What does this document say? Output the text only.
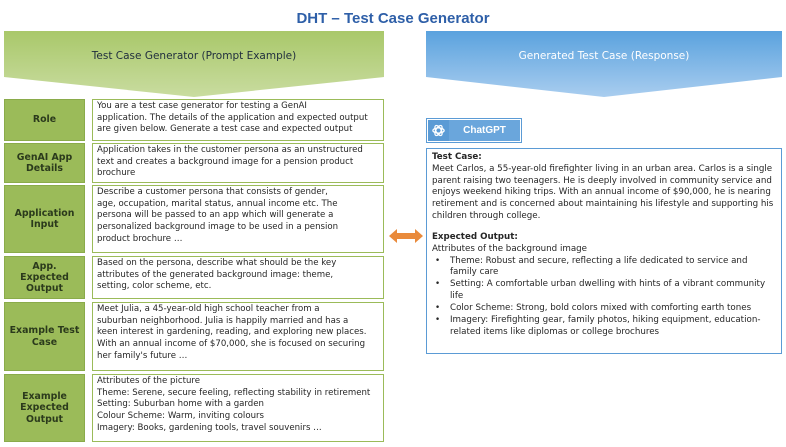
DHT – Test Case Generator
Test Case Generator (Prompt Example)	Generated Test Case (Response)
Role
You are a test case generator for testing a GenAI
application. The details of the application and expected output
are given below. Generate a test case and expected output
GenAI App Details
Application takes in the customer persona as an unstructured
text and creates a background image for a pension product
brochure
Application Input
Describe a customer persona that consists of gender,
age, occupation, marital status, annual income etc. The
persona will be passed to an app which will generate a
personalized background image to be used in a pension
product brochure …
App. Expected Output
Based on the persona, describe what should be the key
attributes of the generated background image: theme,
setting, color scheme, etc.
Example Test Case
Meet Julia, a 45-year-old high school teacher from a
suburban neighborhood. Julia is happily married and has a
keen interest in gardening, reading, and exploring new places.
With an annual income of $70,000, she is focused on securing
her family's future …
Example Expected Output
Attributes of the picture
Theme: Serene, secure feeling, reflecting stability in retirement
Setting: Suburban home with a garden
Colour Scheme: Warm, inviting colours
Imagery: Books, gardening tools, travel souvenirs …
ChatGPT
Test Case:
Meet Carlos, a 55-year-old firefighter living in an urban area. Carlos is a single
parent raising two teenagers. He is deeply involved in community service and
enjoys weekend hiking trips. With an annual income of $90,000, he is nearing
retirement and is concerned about maintaining his lifestyle and supporting his
children through college.
Expected Output:
Attributes of the background image
• Theme: Robust and secure, reflecting a life dedicated to service and
family care
• Setting: A comfortable urban dwelling with hints of a vibrant community
life
• Color Scheme: Strong, bold colors mixed with comforting earth tones
• Imagery: Firefighting gear, family photos, hiking equipment, education-
related items like diplomas or college brochures
